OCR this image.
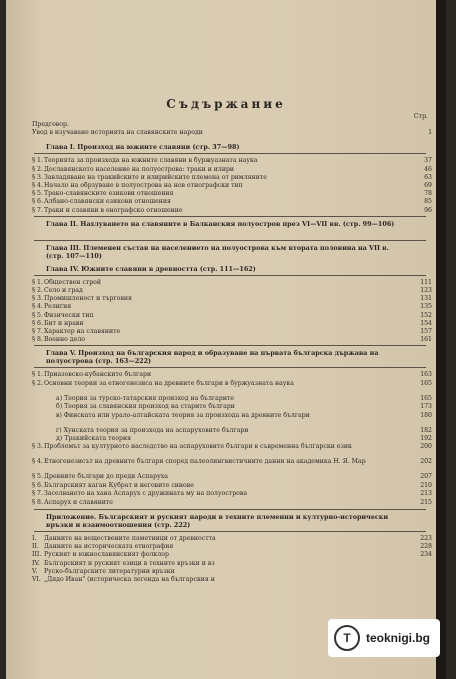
Съдържание
Стр.
Предговор.
Увод в изучаване историята на славянските народи	1
Глава I. Произход на южните славяни (стр. 37—98)
§ 1. Теорията за произхода на южните славяни в буржуазната наука	37
§ 2. Дославянското население на полуострова: траки и илири	46
§ 3. Завладяване на тракийските и илирийските племена от римляните	63
§ 4. Начало на обрзуване в полуострова на нов етнографски тип	69
§ 5. Трако-славянските езикови отношения	78
§ 6. Албано-славянски езикови отношения	85
§ 7. Траки и славяни в енографско отношение	96
Глава II. Нахлуването на славяните в Балканския полуостров през VI—VII вв. (стр. 99—106)
Глава III. Племенен състав на населението на полуострова към втората половина на VII в. (стр. 107—110)
Глава IV. Южните славяни в древността (стр. 111—162)
§ 1. Обществен строй	111
§ 2. Село и град	123
§ 3. Промишленост и търговия	131
§ 4. Религия	135
§ 5. Физически тип	152
§ 6. Бит и нрави	154
§ 7. Характер на славяните	157
§ 8. Военно дело	161
Глава V. Произход на българския народ и образуване на първата българска държава на полуострова (стр. 163—222)
§ 1. Приазовско-кубанските българи	163
§ 2. Основни теории за етногенезиса на древните българи в буржуазната наука	165
а) Теория за турско-татарския произход на българите	165
б) Теория за славянския произход на старите българи	173
в) Финската или урало-алтайската теория за произхода на древните българи	180
г) Хунската теория за произхода на аспаруховите българи	182
д) Тракийската теория	192
§ 3. Проблемът за културното наследство на аспаруховите българи в съвременна български език	200
§ 4. Етногенезисът на древните българи според палеолингвистичните данни на академика Н. Я. Мар	202
§ 5. Древните българи до преди Аспаруха	207
§ 6. Българският каган Кубрат и неговите синове	210
§ 7. Заселването на хана Аспарух с дружината му на полуострова	213
§ 8. Аспарух и славяните	215
Приложение. Българският и руският народи в техните племенни и културно-исторически връзки и взаимоотношения (стр. 222)
I. Данните на веществените паметници от древността	223
II. Данните на историческата етнография	228
III. Руският и южнославянският фолклор	234
IV. Българският и руският езици в техните връзки и вз
V. Руско-българските литературни връзки
VI. „Дядо Иван" (историческа легенда на българския н
T	teoknigi.bg
